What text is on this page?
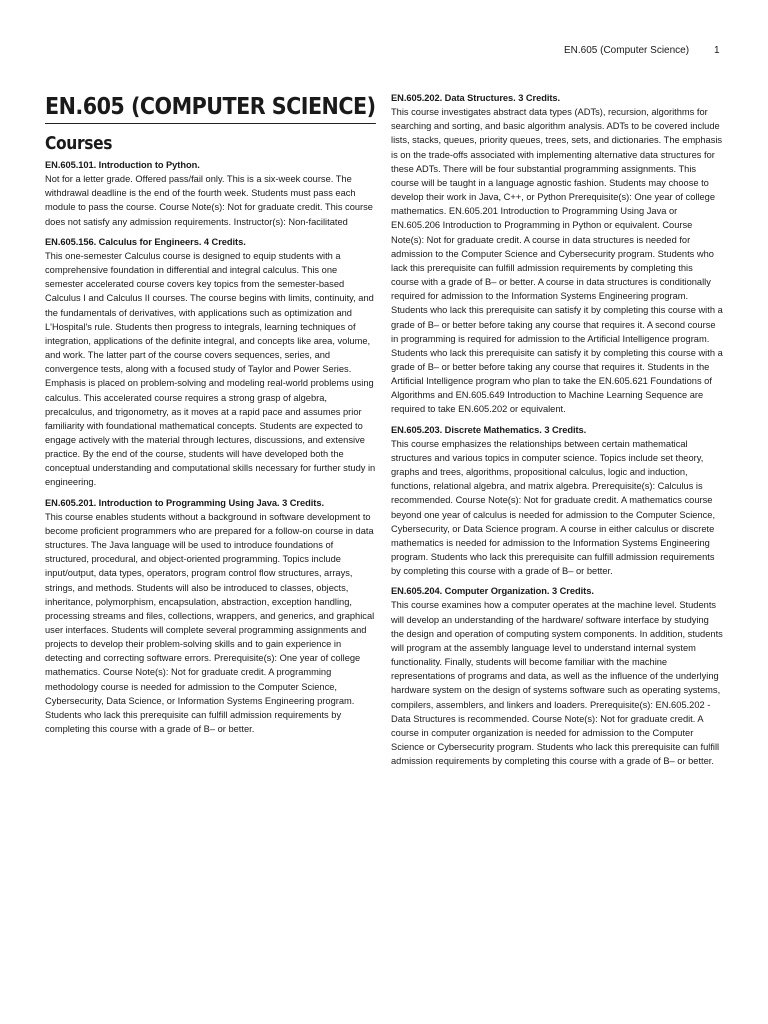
EN.605 (Computer Science) 1
EN.605 (COMPUTER SCIENCE)
Courses
EN.605.101. Introduction to Python.
Not for a letter grade. Offered pass/fail only. This is a six-week course. The withdrawal deadline is the end of the fourth week. Students must pass each module to pass the course. Course Note(s): Not for graduate credit. This course does not satisfy any admission requirements. Instructor(s): Non-facilitated
EN.605.156. Calculus for Engineers. 4 Credits.
This one-semester Calculus course is designed to equip students with a comprehensive foundation in differential and integral calculus. This one semester accelerated course covers key topics from the semester-based Calculus I and Calculus II courses. The course begins with limits, continuity, and the fundamentals of derivatives, with applications such as optimization and L'Hospital's rule. Students then progress to integrals, learning techniques of integration, applications of the definite integral, and concepts like area, volume, and work. The latter part of the course covers sequences, series, and convergence tests, along with a focused study of Taylor and Power Series. Emphasis is placed on problem-solving and modeling real-world problems using calculus. This accelerated course requires a strong grasp of algebra, precalculus, and trigonometry, as it moves at a rapid pace and assumes prior familiarity with foundational mathematical concepts. Students are expected to engage actively with the material through lectures, discussions, and extensive practice. By the end of the course, students will have developed both the conceptual understanding and computational skills necessary for further study in engineering.
EN.605.201. Introduction to Programming Using Java. 3 Credits.
This course enables students without a background in software development to become proficient programmers who are prepared for a follow-on course in data structures. The Java language will be used to introduce foundations of structured, procedural, and object-oriented programming. Topics include input/output, data types, operators, program control flow structures, arrays, strings, and methods. Students will also be introduced to classes, objects, inheritance, polymorphism, encapsulation, abstraction, exception handling, processing streams and files, collections, wrappers, and generics, and graphical user interfaces. Students will complete several programming assignments and projects to develop their problem-solving skills and to gain experience in detecting and correcting software errors. Prerequisite(s): One year of college mathematics. Course Note(s): Not for graduate credit. A programming methodology course is needed for admission to the Computer Science, Cybersecurity, Data Science, or Information Systems Engineering program. Students who lack this prerequisite can fulfill admission requirements by completing this course with a grade of B– or better.
EN.605.202. Data Structures. 3 Credits.
This course investigates abstract data types (ADTs), recursion, algorithms for searching and sorting, and basic algorithm analysis. ADTs to be covered include lists, stacks, queues, priority queues, trees, sets, and dictionaries. The emphasis is on the trade-offs associated with implementing alternative data structures for these ADTs. There will be four substantial programming assignments. This course will be taught in a language agnostic fashion. Students may choose to develop their work in Java, C++, or Python Prerequisite(s): One year of college mathematics. EN.605.201 Introduction to Programming Using Java or EN.605.206 Introduction to Programming in Python or equivalent. Course Note(s): Not for graduate credit. A course in data structures is needed for admission to the Computer Science and Cybersecurity program. Students who lack this prerequisite can fulfill admission requirements by completing this course with a grade of B– or better. A course in data structures is conditionally required for admission to the Information Systems Engineering program. Students who lack this prerequisite can satisfy it by completing this course with a grade of B– or better before taking any course that requires it. A second course in programming is required for admission to the Artificial Intelligence program. Students who lack this prerequisite can satisfy it by completing this course with a grade of B– or better before taking any course that requires it. Students in the Artificial Intelligence program who plan to take the EN.605.621 Foundations of Algorithms and EN.605.649 Introduction to Machine Learning Sequence are required to take EN.605.202 or equivalent.
EN.605.203. Discrete Mathematics. 3 Credits.
This course emphasizes the relationships between certain mathematical structures and various topics in computer science. Topics include set theory, graphs and trees, algorithms, propositional calculus, logic and induction, functions, relational algebra, and matrix algebra. Prerequisite(s): Calculus is recommended. Course Note(s): Not for graduate credit. A mathematics course beyond one year of calculus is needed for admission to the Computer Science, Cybersecurity, or Data Science program. A course in either calculus or discrete mathematics is needed for admission to the Information Systems Engineering program. Students who lack this prerequisite can fulfill admission requirements by completing this course with a grade of B– or better.
EN.605.204. Computer Organization. 3 Credits.
This course examines how a computer operates at the machine level. Students will develop an understanding of the hardware/ software interface by studying the design and operation of computing system components. In addition, students will program at the assembly language level to understand internal system functionality. Finally, students will become familiar with the machine representations of programs and data, as well as the influence of the underlying hardware system on the design of systems software such as operating systems, compilers, assemblers, and linkers and loaders. Prerequisite(s): EN.605.202 - Data Structures is recommended. Course Note(s): Not for graduate credit. A course in computer organization is needed for admission to the Computer Science or Cybersecurity program. Students who lack this prerequisite can fulfill admission requirements by completing this course with a grade of B– or better.
